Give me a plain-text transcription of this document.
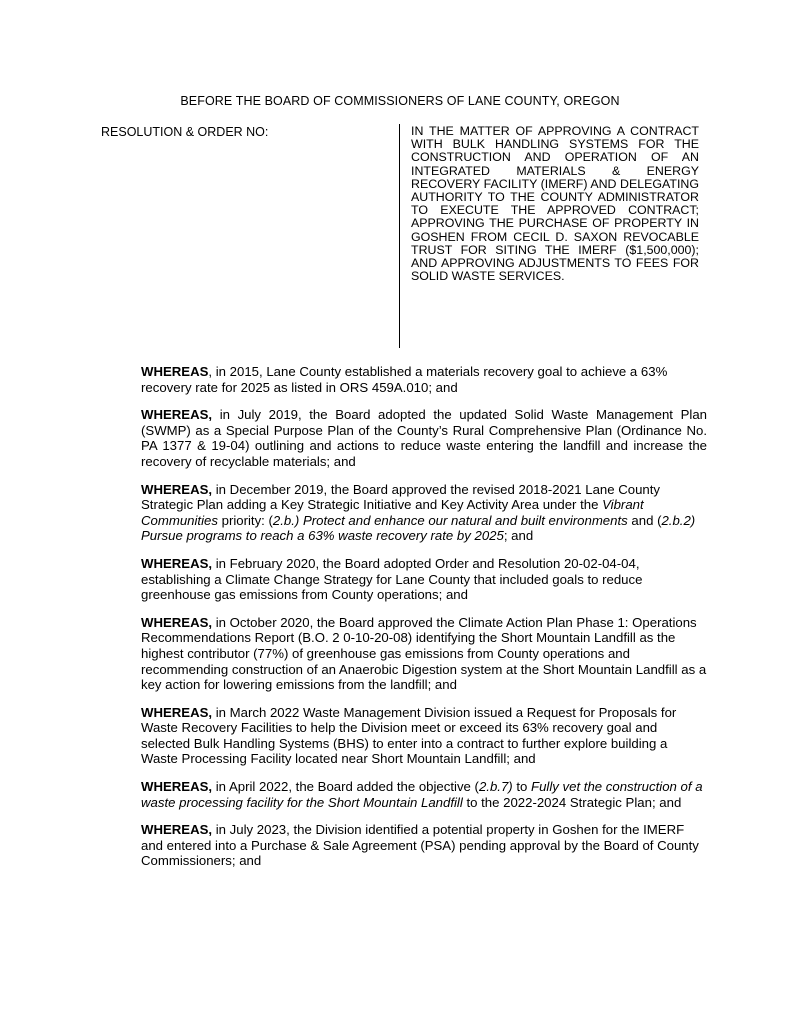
BEFORE THE BOARD OF COMMISSIONERS OF LANE COUNTY, OREGON
RESOLUTION & ORDER NO:	IN THE MATTER OF APPROVING A CONTRACT WITH BULK HANDLING SYSTEMS FOR THE CONSTRUCTION AND OPERATION OF AN INTEGRATED MATERIALS & ENERGY RECOVERY FACILITY (IMERF) AND DELEGATING AUTHORITY TO THE COUNTY ADMINISTRATOR TO EXECUTE THE APPROVED CONTRACT; APPROVING THE PURCHASE OF PROPERTY IN GOSHEN FROM CECIL D. SAXON REVOCABLE TRUST FOR SITING THE IMERF ($1,500,000); AND APPROVING ADJUSTMENTS TO FEES FOR SOLID WASTE SERVICES.

WHEREAS, in 2015, Lane County established a materials recovery goal to achieve a 63% recovery rate for 2025 as listed in ORS 459A.010; and

WHEREAS, in July 2019, the Board adopted the updated Solid Waste Management Plan (SWMP) as a Special Purpose Plan of the County’s Rural Comprehensive Plan (Ordinance No. PA 1377 & 19-04) outlining and actions to reduce waste entering the landfill and increase the recovery of recyclable materials; and

WHEREAS, in December 2019, the Board approved the revised 2018-2021 Lane County Strategic Plan adding a Key Strategic Initiative and Key Activity Area under the Vibrant Communities priority: (2.b.) Protect and enhance our natural and built environments and (2.b.2) Pursue programs to reach a 63% waste recovery rate by 2025; and

WHEREAS, in February 2020, the Board adopted Order and Resolution 20-02-04-04, establishing a Climate Change Strategy for Lane County that included goals to reduce greenhouse gas emissions from County operations; and

WHEREAS, in October 2020, the Board approved the Climate Action Plan Phase 1: Operations Recommendations Report (B.O. 2 0-10-20-08) identifying the Short Mountain Landfill as the highest contributor (77%) of greenhouse gas emissions from County operations and recommending construction of an Anaerobic Digestion system at the Short Mountain Landfill as a key action for lowering emissions from the landfill; and

WHEREAS, in March 2022 Waste Management Division issued a Request for Proposals for Waste Recovery Facilities to help the Division meet or exceed its 63% recovery goal and selected Bulk Handling Systems (BHS) to enter into a contract to further explore building a Waste Processing Facility located near Short Mountain Landfill; and

WHEREAS, in April 2022, the Board added the objective (2.b.7) to Fully vet the construction of a waste processing facility for the Short Mountain Landfill to the 2022-2024 Strategic Plan; and

WHEREAS, in July 2023, the Division identified a potential property in Goshen for the IMERF and entered into a Purchase & Sale Agreement (PSA) pending approval by the Board of County Commissioners; and
